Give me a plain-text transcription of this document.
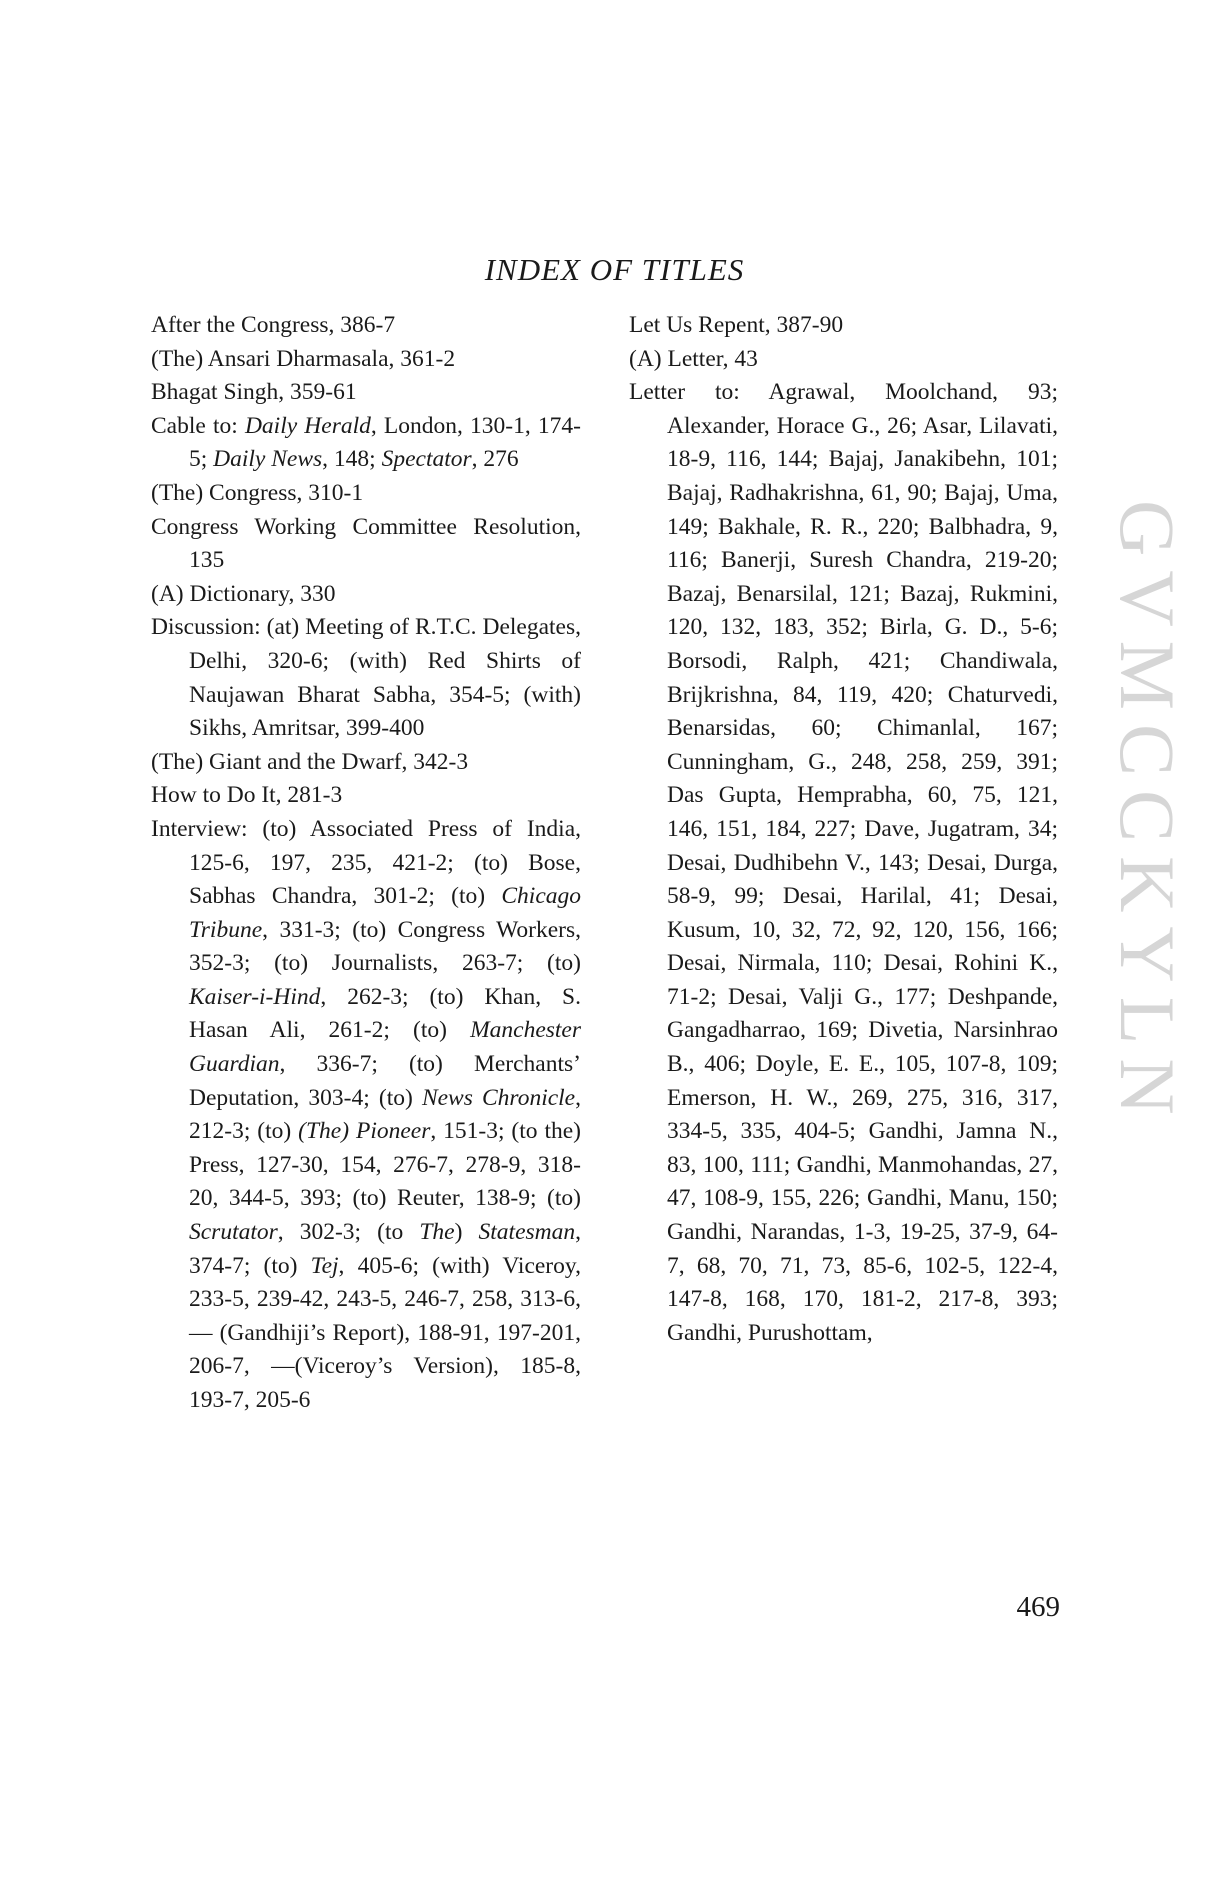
GVMCCKYLN
INDEX OF TITLES

After the Congress, 386-7

(The) Ansari Dharmasala, 361-2

Bhagat Singh, 359-61

Cable to: Daily Herald, London, 130-1, 174-5; Daily News, 148; Spectator, 276

(The) Congress, 310-1

Congress Working Committee Resolution, 135

(A) Dictionary, 330

Discussion: (at) Meeting of R.T.C. Delegates, Delhi, 320-6; (with) Red Shirts of Naujawan Bharat Sabha, 354-5; (with) Sikhs, Amritsar, 399-400

(The) Giant and the Dwarf, 342-3

How to Do It, 281-3

Interview: (to) Associated Press of India, 125-6, 197, 235, 421-2; (to) Bose, Sabhas Chandra, 301-2; (to) Chicago Tribune, 331-3; (to) Congress Workers, 352-3; (to) Journalists, 263-7; (to) Kaiser-i-Hind, 262-3; (to) Khan, S. Hasan Ali, 261-2; (to) Manchester Guardian, 336-7; (to) Merchants’ Deputation, 303-4; (to) News Chronicle, 212-3; (to) (The) Pioneer, 151-3; (to the) Press, 127-30, 154, 276-7, 278-9, 318-20, 344-5, 393; (to) Reuter, 138-9; (to) Scrutator, 302-3; (to The) Statesman, 374-7; (to) Tej, 405-6; (with) Viceroy, 233-5, 239-42, 243-5, 246-7, 258, 313-6,— (Gandhiji’s Report), 188-91, 197-201, 206-7, —(Viceroy’s Version), 185-8, 193-7, 205-6

Let Us Repent, 387-90

(A) Letter, 43

Letter to: Agrawal, Moolchand, 93; Alexander, Horace G., 26; Asar, Lilavati, 18-9, 116, 144; Bajaj, Janakibehn, 101; Bajaj, Radhakrishna, 61, 90; Bajaj, Uma, 149; Bakhale, R. R., 220; Balbhadra, 9, 116; Banerji, Suresh Chandra, 219-20; Bazaj, Benarsilal, 121; Bazaj, Rukmini, 120, 132, 183, 352; Birla, G. D., 5-6; Borsodi, Ralph, 421; Chandiwala, Brijkrishna, 84, 119, 420; Chaturvedi, Benarsidas, 60; Chimanlal, 167; Cunningham, G., 248, 258, 259, 391; Das Gupta, Hemprabha, 60, 75, 121, 146, 151, 184, 227; Dave, Jugatram, 34; Desai, Dudhibehn V., 143; Desai, Durga, 58-9, 99; Desai, Harilal, 41; Desai, Kusum, 10, 32, 72, 92, 120, 156, 166; Desai, Nirmala, 110; Desai, Rohini K., 71-2; Desai, Valji G., 177; Deshpande, Gangadharrao, 169; Divetia, Narsinhrao B., 406; Doyle, E. E., 105, 107-8, 109; Emerson, H. W., 269, 275, 316, 317, 334-5, 335, 404-5; Gandhi, Jamna N., 83, 100, 111; Gandhi, Manmohandas, 27, 47, 108-9, 155, 226; Gandhi, Manu, 150; Gandhi, Narandas, 1-3, 19-25, 37-9, 64-7, 68, 70, 71, 73, 85-6, 102-5, 122-4, 147-8, 168, 170, 181-2, 217-8, 393; Gandhi, Purushottam,

469
